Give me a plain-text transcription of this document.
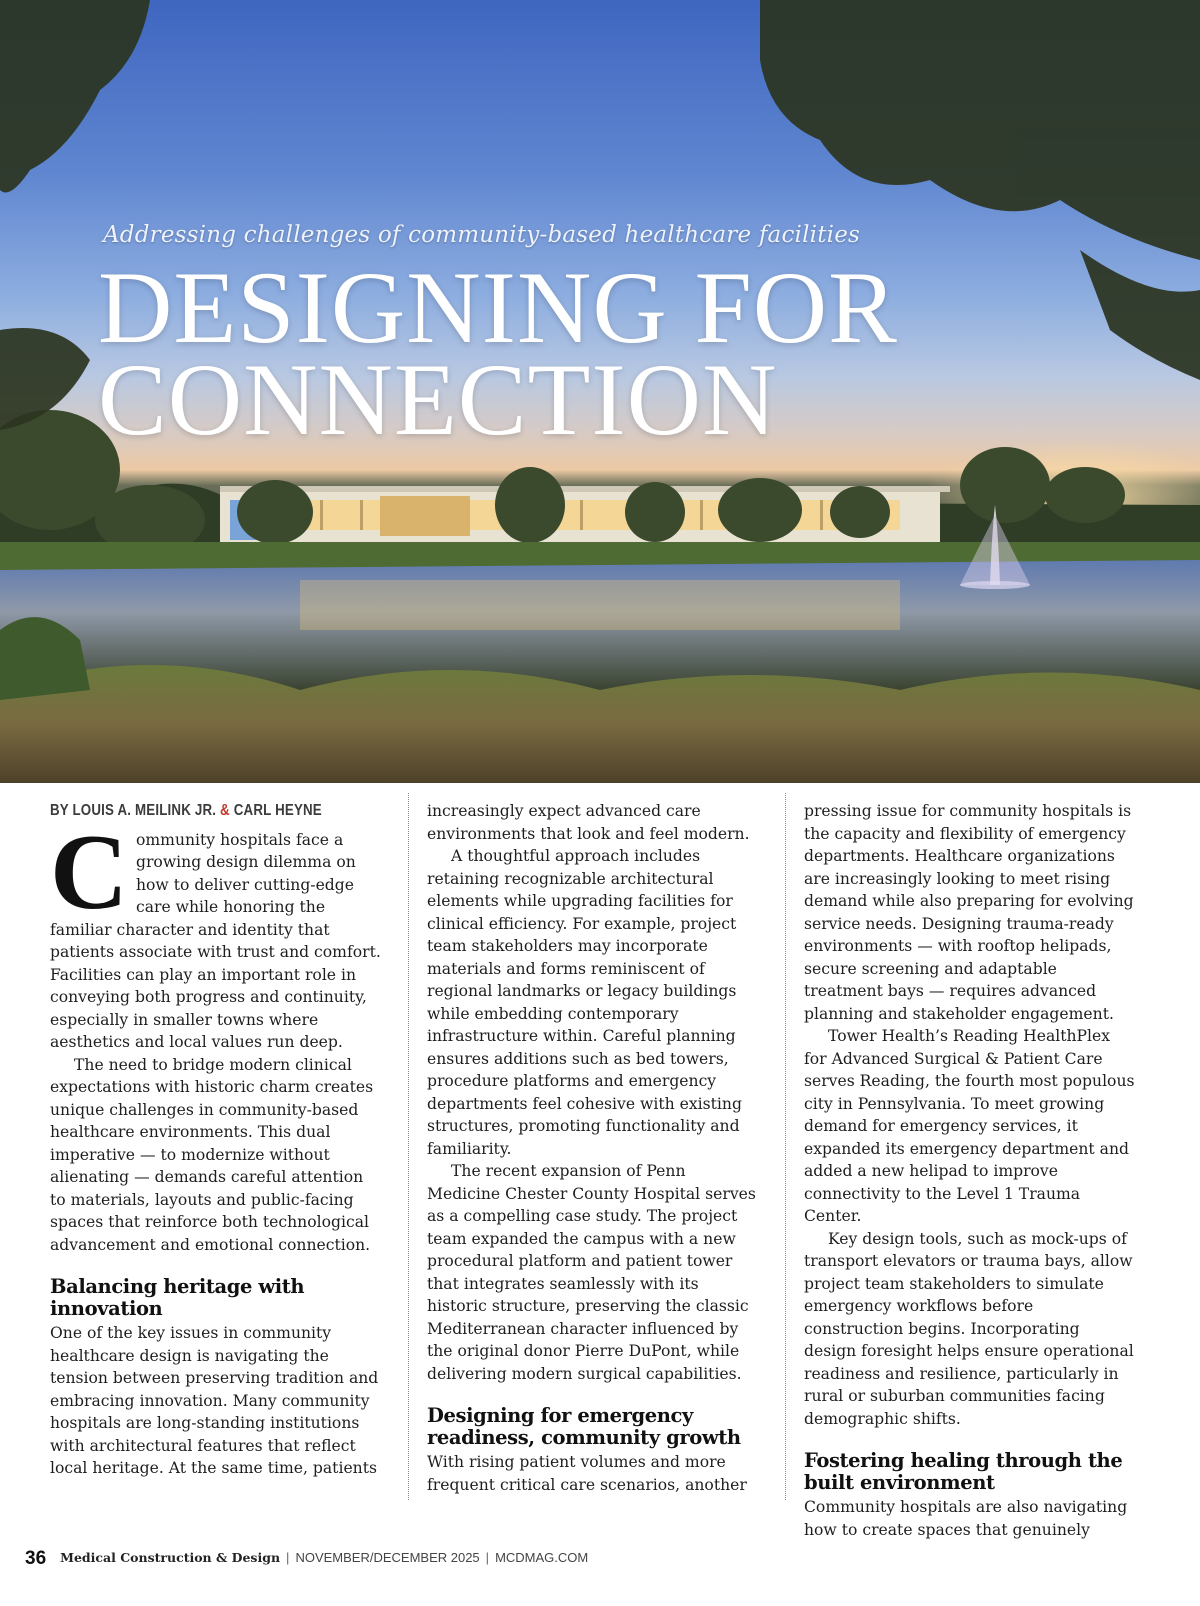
Addressing challenges of community-based healthcare facilities

DESIGNING FOR
CONNECTION
BY LOUIS A. MEILINK JR. & CARL HEYNE

Community hospitals face a growing design dilemma on how to deliver cutting-edge care while honoring the familiar character and identity that patients associate with trust and comfort. Facilities can play an important role in conveying both progress and continuity, especially in smaller towns where aesthetics and local values run deep.

The need to bridge modern clinical expectations with historic charm creates unique challenges in community-based healthcare environments. This dual imperative — to modernize without alienating — demands careful attention to materials, layouts and public-facing spaces that reinforce both technological advancement and emotional connection.

Balancing heritage with innovation

One of the key issues in community healthcare design is navigating the tension between preserving tradition and embracing innovation. Many community hospitals are long-standing institutions with architectural features that reflect local heritage. At the same time, patients

increasingly expect advanced care environments that look and feel modern.

A thoughtful approach includes retaining recognizable architectural elements while upgrading facilities for clinical efficiency. For example, project team stakeholders may incorporate materials and forms reminiscent of regional landmarks or legacy buildings while embedding contemporary infrastructure within. Careful planning ensures additions such as bed towers, procedure platforms and emergency departments feel cohesive with existing structures, promoting functionality and familiarity.

The recent expansion of Penn Medicine Chester County Hospital serves as a compelling case study. The project team expanded the campus with a new procedural platform and patient tower that integrates seamlessly with its historic structure, preserving the classic Mediterranean character influenced by the original donor Pierre DuPont, while delivering modern surgical capabilities.

Designing for emergency readiness, community growth

With rising patient volumes and more frequent critical care scenarios, another

pressing issue for community hospitals is the capacity and flexibility of emergency departments. Healthcare organizations are increasingly looking to meet rising demand while also preparing for evolving service needs. Designing trauma-ready environments — with rooftop helipads, secure screening and adaptable treatment bays — requires advanced planning and stakeholder engagement.

Tower Health’s Reading HealthPlex for Advanced Surgical & Patient Care serves Reading, the fourth most populous city in Pennsylvania. To meet growing demand for emergency services, it expanded its emergency department and added a new helipad to improve connectivity to the Level 1 Trauma Center.

Key design tools, such as mock-ups of transport elevators or trauma bays, allow project team stakeholders to simulate emergency workflows before construction begins. Incorporating design foresight helps ensure operational readiness and resilience, particularly in rural or suburban communities facing demographic shifts.

Fostering healing through the built environment

Community hospitals are also navigating how to create spaces that genuinely

36 Medical Construction & Design | NOVEMBER/DECEMBER 2025 | MCDMAG.COM
